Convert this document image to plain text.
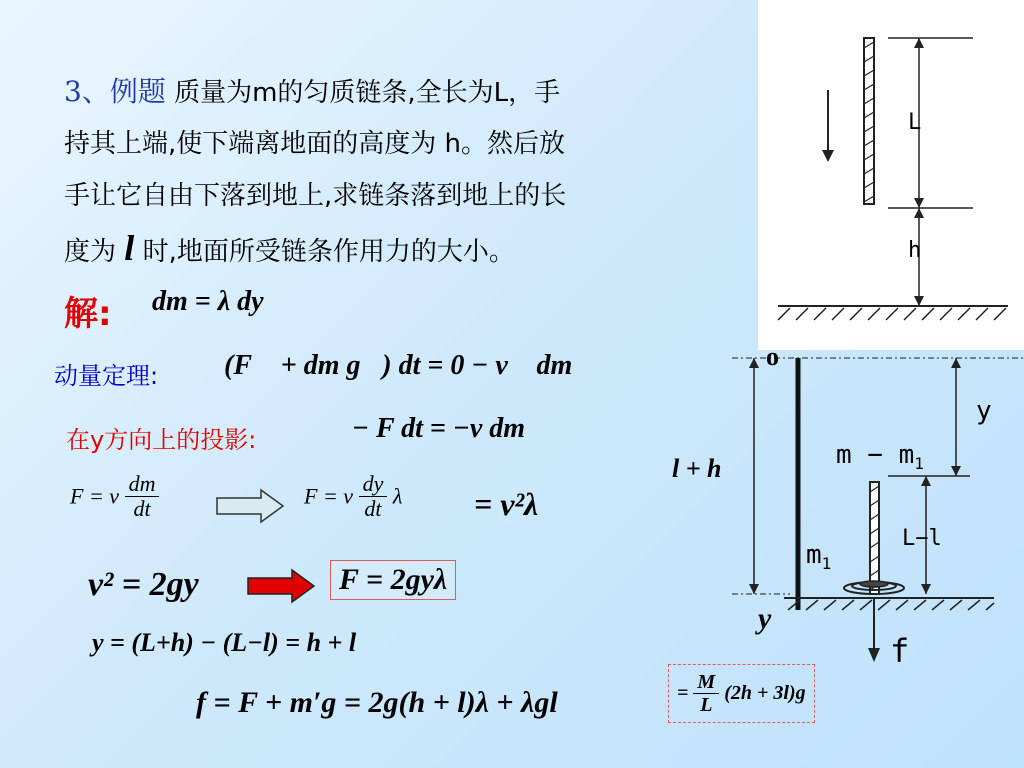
3、例题 质量为m的匀质链条,全长为L，手
持其上端,使下端离地面的高度为 h。然后放
手让它自由下落到地上,求链条落到地上的长
度为 l 时,地面所受链条作用力的大小。
解: dm = λ dy
动量定理: (F⃗ + dm g⃗) dt = 0 − v⃗ dm
在y方向上的投影:	− F dt = −v dm
F = v $\frac{dm}{dt}$	F = v $\frac{dy}{dt}$ λ = v²λ
v² = 2gy	F = 2gyλ
y = (L+h) − (L−l) = h + l
f = F + m′g = 2g(h + l)λ + λgl	= $\frac{M}{L} (2h + 3l)g$
L
h
o
y
l + h	$m - m_1$
L−l
$m_1$
y
f
